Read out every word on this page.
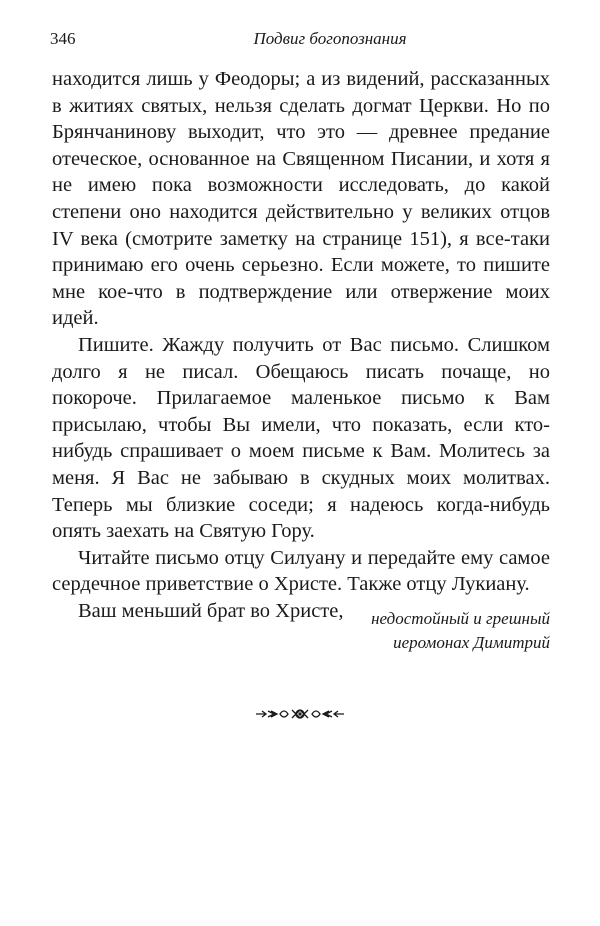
346	Подвиг богопознания

находится лишь у Феодоры; а из видений, рассказанных в житиях святых, нельзя сделать догмат Церкви. Но по Брянчанинову выходит, что это — древнее предание отеческое, основанное на Священном Писании, и хотя я не имею пока возможности исследовать, до какой степени оно находится действительно у великих отцов IV века (смотрите заметку на странице 151), я все-таки принимаю его очень серьезно. Если можете, то пишите мне кое-что в подтверждение или отвержение моих идей.

Пишите. Жажду получить от Вас письмо. Слишком долго я не писал. Обещаюсь писать почаще, но покороче. Прилагаемое маленькое письмо к Вам присылаю, чтобы Вы имели, что показать, если кто-нибудь спрашивает о моем письме к Вам. Молитесь за меня. Я Вас не забываю в скудных моих молитвах. Теперь мы близкие соседи; я надеюсь когда-нибудь опять заехать на Святую Гору.

Читайте письмо отцу Силуану и передайте ему самое сердечное приветствие о Христе. Также отцу Лукиану.

Ваш меньший брат во Христе,	недостойный и грешный
иеромонах Димитрий
